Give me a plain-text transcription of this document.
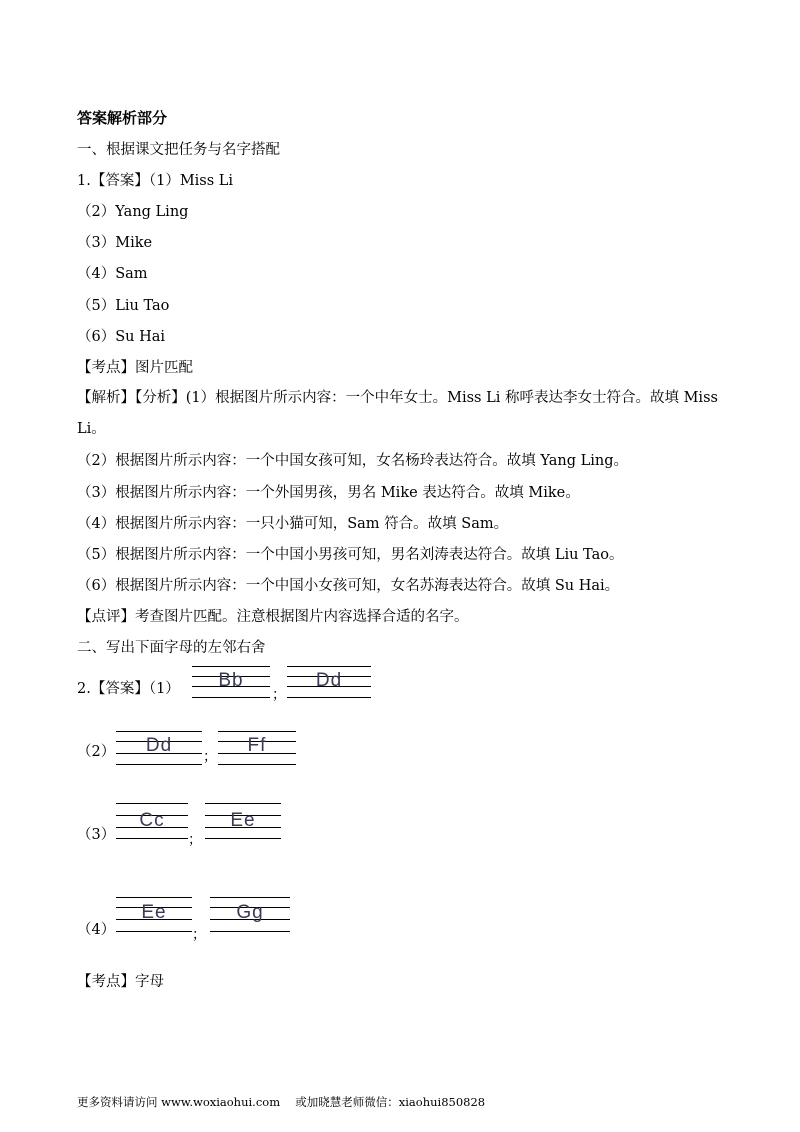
答案解析部分
一、根据课文把任务与名字搭配
1.【答案】（1）Miss Li
（2）Yang Ling
（3）Mike
（4）Sam
（5）Liu Tao
（6）Su Hai
【考点】图片匹配
【解析】【分析】(1）根据图片所示内容：一个中年女士。Miss Li 称呼表达李女士符合。故填 Miss Li。
（2）根据图片所示内容：一个中国女孩可知，女名杨玲表达符合。故填 Yang Ling。
（3）根据图片所示内容：一个外国男孩，男名 Mike 表达符合。故填 Mike。
（4）根据图片所示内容：一只小猫可知，Sam 符合。故填 Sam。
（5）根据图片所示内容：一个中国小男孩可知，男名刘涛表达符合。故填 Liu Tao。
（6）根据图片所示内容：一个中国小女孩可知，女名苏海表达符合。故填 Su Hai。
【点评】考查图片匹配。注意根据图片内容选择合适的名字。
二、写出下面字母的左邻右舍
2.【答案】（1）	Bb
；
Dd
（2）	Dd
；
Ff
（3）
Cc
；
Ee
（4）
Ee
；
Gg
【考点】字母
更多资料请访问 www.woxiaohui.com　 或加晓慧老师微信：xiaohui850828
